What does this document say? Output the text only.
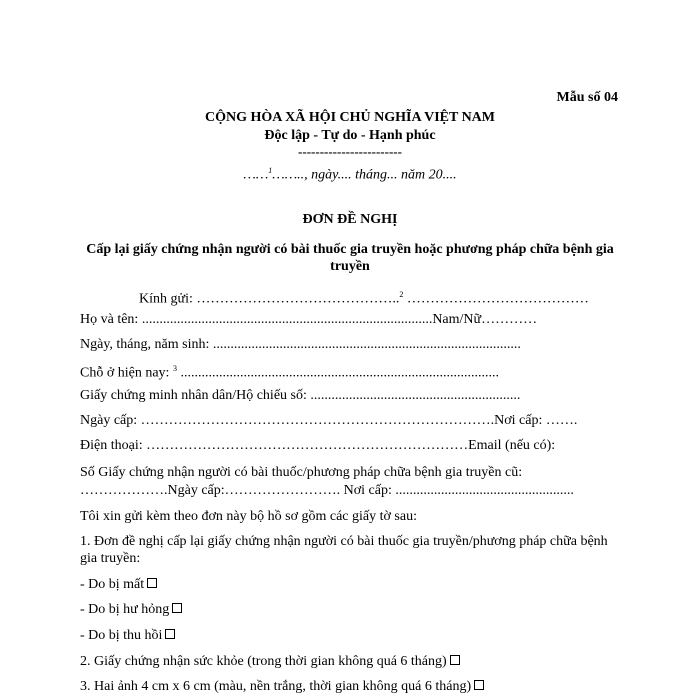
Mẫu số 04
CỘNG HÒA XÃ HỘI CHỦ NGHĨA VIỆT NAM
Độc lập - Tự do - Hạnh phúc
------------------------
……$^1$…….., ngày.... tháng... năm 20....
ĐƠN ĐỀ NGHỊ
Cấp lại giấy chứng nhận người có bài thuốc gia truyền hoặc phương pháp chữa bệnh gia truyền
Kính gửi: ……………………………………..$^2$ …………………………………
Họ và tên: ...................................................................................Nam/Nữ…………
Ngày, tháng, năm sinh: ........................................................................................
Chỗ ở hiện nay: $^3$ ...........................................................................................
Giấy chứng minh nhân dân/Hộ chiếu số: ............................................................
Ngày cấp: ………………………………………………………………….Nơi cấp: …….
Điện thoại: ……………………………………………………………Email (nếu có):
Số Giấy chứng nhận người có bài thuốc/phương pháp chữa bệnh gia truyền cũ:
……………….Ngày cấp:……………………. Nơi cấp: ...................................................
Tôi xin gửi kèm theo đơn này bộ hồ sơ gồm các giấy tờ sau:
1. Đơn đề nghị cấp lại giấy chứng nhận người có bài thuốc gia truyền/phương pháp chữa bệnh gia truyền:
- Do bị mất
- Do bị hư hỏng
- Do bị thu hồi
2. Giấy chứng nhận sức khỏe (trong thời gian không quá 6 tháng)
3. Hai ảnh 4 cm x 6 cm (màu, nền trắng, thời gian không quá 6 tháng)
